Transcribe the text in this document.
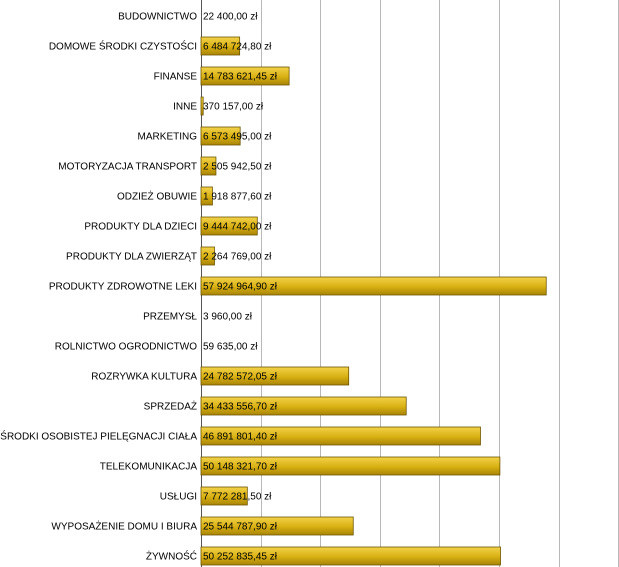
BUDOWNICTWO 22 400,00 zł
DOMOWE ŚRODKI CZYSTOŚCI 6 484 724,80 zł
FINANSE 14 783 621,45 zł
INNE 370 157,00 zł
MARKETING 6 573 495,00 zł
MOTORYZACJA TRANSPORT 2 505 942,50 zł
ODZIEŻ OBUWIE 1 918 877,60 zł
PRODUKTY DLA DZIECI 9 444 742,00 zł
PRODUKTY DLA ZWIERZĄT 2 264 769,00 zł
PRODUKTY ZDROWOTNE LEKI 57 924 964,90 zł
PRZEMYSŁ 3 960,00 zł
ROLNICTWO OGRODNICTWO 59 635,00 zł
ROZRYWKA KULTURA 24 782 572,05 zł
SPRZEDAŻ 34 433 556,70 zł
ŚRODKI OSOBISTEJ PIELĘGNACJI CIAŁA 46 891 801,40 zł
TELEKOMUNIKACJA 50 148 321,70 zł
USŁUGI 7 772 281,50 zł
WYPOSAŻENIE DOMU I BIURA 25 544 787,90 zł
ŻYWNOŚĆ 50 252 835,45 zł
